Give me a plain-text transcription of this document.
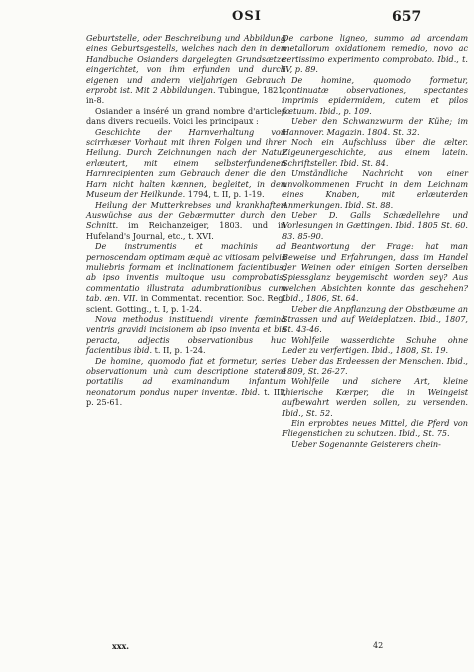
OSI	657

Geburtstelle, oder Beschreibung und Abbildung eines Geburtsgestells, welches nach den in den Handbuche Osianders dargelegten Grundsætze eingerichtet, von ihm erfunden und durch eigenen und andern vieljahrigen Gebrauch erprobt ist. Mit 2 Abbildungen. Tubingue, 1821, in-8.

Osiander a inséré un grand nombre d'articles dans divers recueils. Voici les principaux :

Geschichte der Harnverhaltung von scirrhæser Vorhaut mit ihren Folgen und ihrer Heilung. Durch Zeichnungen nach der Natur erlæutert, mit einem selbsterfundenen Harnrecipienten zum Gebrauch dener die den Harn nicht halten kænnen, begleitet, in den Museum der Heilkunde. 1794, t. II, p. 1-19.

Heilung der Mutterkrebses und krankhaften Auswüchse aus der Gebærmutter durch den Schnitt. im Reichanzeiger, 1803. und in Hufeland's Journal, etc., t. XVI.

De instrumentis et machinis ad pernoscendam optimam æquè ac vitiosam pelvis muliebris formam et inclinationem facientibus, ab ipso inventis multoque usu comprobatis, commentatio illustrata adumbrationibus cum tab. æn. VII. in Commentat. recentior. Soc. Reg. scient. Gotting., t. I, p. 1-24.

Nova methodus instituendi virente fœminà ventris gravidi incisionem ab ipso inventa et bis peracta, adjectis observationibus huc facientibus ibid. t. II, p. 1-24.

De homine, quomodo fiat et formetur, series observationum unà cum descriptione stateræ portatilis ad examinandum infantum neonatorum pondus nuper inventæ. Ibid. t. III, p. 25-61.

De carbone ligneo, summo ad arcendam metallorum oxidationem remedio, novo ac certissimo experimento comprobato. Ibid., t. IV, p. 89.

De homine, quomodo formetur, continuatæ observationes, spectantes imprimis epidermidem, cutem et pilos fœtuum. Ibid., p. 109.

Ueber den Schwanzwurm der Kühe; im Hannover. Magazin. 1804. St. 32.

Noch ein Aufschluss über die ælter. Zigeunergeschichte, aus einem latein. Schriftsteller. Ibid. St. 84.

Umständliche Nachricht von einer unvolkommenen Frucht in dem Leichnam eines Knaben, mit erlæuterden Anmerkungen. Ibid. St. 88.

Ueber D. Galls Schædellehre und Vorlesungen in Gættingen. Ibid. 1805 St. 60. 83. 85-90.

Beantwortung der Frage: hat man Beweise und Erfahrungen, dass im Handel der Weinen oder einigen Sorten derselben Spiessglanz beygemischt worden sey? Aus welchen Absichten konnte das geschehen? Ibid., 1806, St. 64.

Ueber die Anpflanzung der Obstbæume an Strassen und auf Weideplatzen. Ibid., 1807, St. 43-46.

Wohlfeile wasserdichte Schuhe ohne Leder zu verfertigen. Ibid., 1808, St. 19.

Ueber das Erdeessen der Menschen. Ibid., 1809, St. 26-27.

Wohlfeile und sichere Art, kleine thierische Kærper, die in Weingeist aufbewahrt werden sollen, zu versenden. Ibid., St. 52.

Ein erprobtes neues Mittel, die Pferd von Fliegenstichen zu schutzen. Ibid., St. 75.

Ueber Sogenannte Geisterers chein-

xxx.	42
